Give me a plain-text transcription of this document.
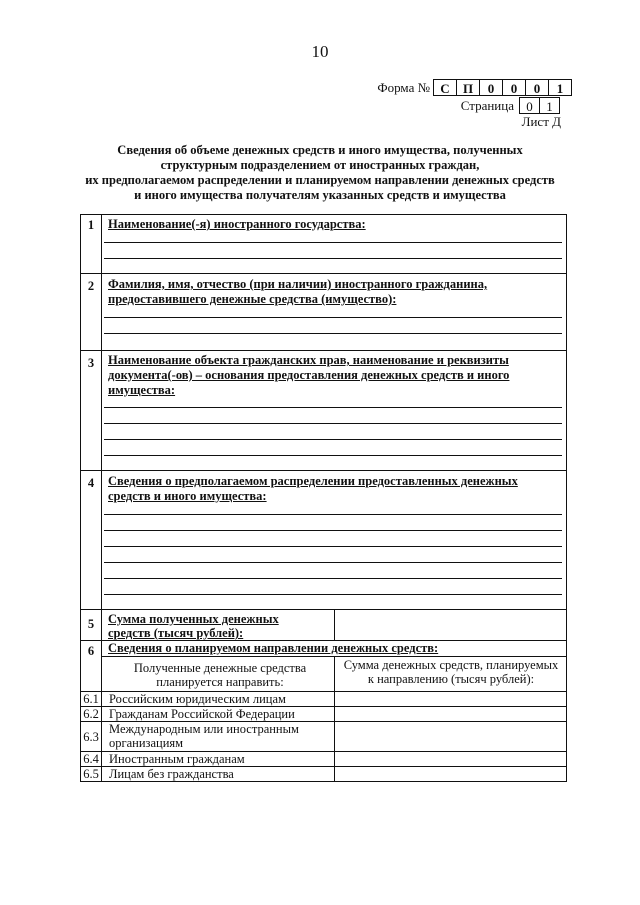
10
Форма № С	П	0	0	0	1
Страница 0	1
Лист Д
Сведения об объеме денежных средств и иного имущества, полученных
структурным подразделением от иностранных граждан,
их предполагаемом распределении и планируемом направлении денежных средств
и иного имущества получателям указанных средств и имущества
1	Наименование(-я) иностранного государства:
2	Фамилия, имя, отчество (при наличии) иностранного гражданина,
предоставившего денежные средства (имущество):
3	Наименование объекта гражданских прав, наименование и реквизиты
документа(-ов) – основания предоставления денежных средств и иного
имущества:
4	Сведения о предполагаемом распределении предоставленных денежных
средств и иного имущества:
5	Сумма полученных денежных
средств (тысяч рублей):
6	Сведения о планируемом направлении денежных средств:
Полученные денежные средства
планируется направить:
Сумма денежных средств, планируемых
к направлению (тысяч рублей):
6.1 Российским юридическим лицам
6.2 Гражданам Российской Федерации
6.3
Международным или иностранным
организациям
6.4 Иностранным гражданам
6.5 Лицам без гражданства
